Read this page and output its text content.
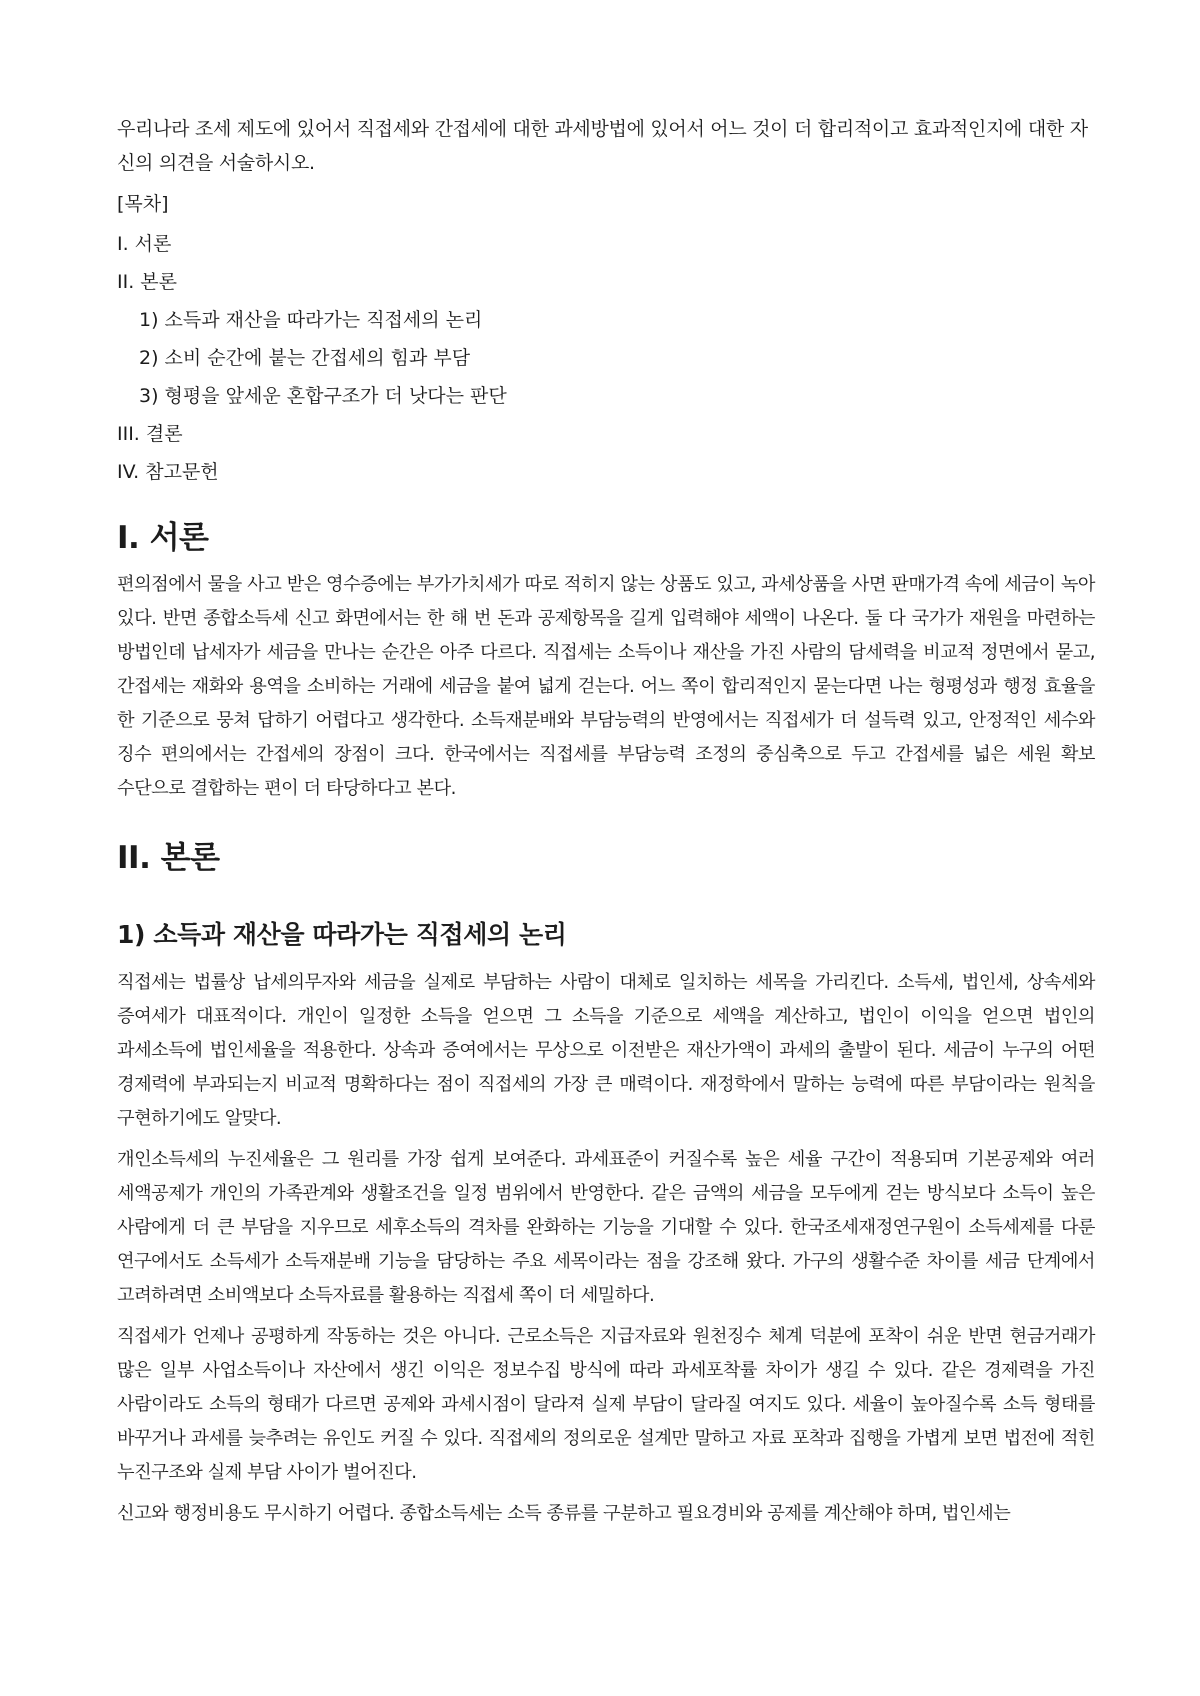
우리나라 조세 제도에 있어서 직접세와 간접세에 대한 과세방법에 있어서 어느 것이 더 합리적이고 효과적인지에 대한 자신의 의견을 서술하시오.

[목차]
I. 서론
II. 본론
1) 소득과 재산을 따라가는 직접세의 논리
2) 소비 순간에 붙는 간접세의 힘과 부담
3) 형평을 앞세운 혼합구조가 더 낫다는 판단
III. 결론
IV. 참고문헌
I. 서론

편의점에서 물을 사고 받은 영수증에는 부가가치세가 따로 적히지 않는 상품도 있고, 과세상품을 사면 판매가격 속에 세금이 녹아 있다. 반면 종합소득세 신고 화면에서는 한 해 번 돈과 공제항목을 길게 입력해야 세액이 나온다. 둘 다 국가가 재원을 마련하는 방법인데 납세자가 세금을 만나는 순간은 아주 다르다. 직접세는 소득이나 재산을 가진 사람의 담세력을 비교적 정면에서 묻고, 간접세는 재화와 용역을 소비하는 거래에 세금을 붙여 넓게 걷는다. 어느 쪽이 합리적인지 묻는다면 나는 형평성과 행정 효율을 한 기준으로 뭉쳐 답하기 어렵다고 생각한다. 소득재분배와 부담능력의 반영에서는 직접세가 더 설득력 있고, 안정적인 세수와 징수 편의에서는 간접세의 장점이 크다. 한국에서는 직접세를 부담능력 조정의 중심축으로 두고 간접세를 넓은 세원 확보 수단으로 결합하는 편이 더 타당하다고 본다.

II. 본론
1) 소득과 재산을 따라가는 직접세의 논리

직접세는 법률상 납세의무자와 세금을 실제로 부담하는 사람이 대체로 일치하는 세목을 가리킨다. 소득세, 법인세, 상속세와 증여세가 대표적이다. 개인이 일정한 소득을 얻으면 그 소득을 기준으로 세액을 계산하고, 법인이 이익을 얻으면 법인의 과세소득에 법인세율을 적용한다. 상속과 증여에서는 무상으로 이전받은 재산가액이 과세의 출발이 된다. 세금이 누구의 어떤 경제력에 부과되는지 비교적 명확하다는 점이 직접세의 가장 큰 매력이다. 재정학에서 말하는 능력에 따른 부담이라는 원칙을 구현하기에도 알맞다.

개인소득세의 누진세율은 그 원리를 가장 쉽게 보여준다. 과세표준이 커질수록 높은 세율 구간이 적용되며 기본공제와 여러 세액공제가 개인의 가족관계와 생활조건을 일정 범위에서 반영한다. 같은 금액의 세금을 모두에게 걷는 방식보다 소득이 높은 사람에게 더 큰 부담을 지우므로 세후소득의 격차를 완화하는 기능을 기대할 수 있다. 한국조세재정연구원이 소득세제를 다룬 연구에서도 소득세가 소득재분배 기능을 담당하는 주요 세목이라는 점을 강조해 왔다. 가구의 생활수준 차이를 세금 단계에서 고려하려면 소비액보다 소득자료를 활용하는 직접세 쪽이 더 세밀하다.

직접세가 언제나 공평하게 작동하는 것은 아니다. 근로소득은 지급자료와 원천징수 체계 덕분에 포착이 쉬운 반면 현금거래가 많은 일부 사업소득이나 자산에서 생긴 이익은 정보수집 방식에 따라 과세포착률 차이가 생길 수 있다. 같은 경제력을 가진 사람이라도 소득의 형태가 다르면 공제와 과세시점이 달라져 실제 부담이 달라질 여지도 있다. 세율이 높아질수록 소득 형태를 바꾸거나 과세를 늦추려는 유인도 커질 수 있다. 직접세의 정의로운 설계만 말하고 자료 포착과 집행을 가볍게 보면 법전에 적힌 누진구조와 실제 부담 사이가 벌어진다.

신고와 행정비용도 무시하기 어렵다. 종합소득세는 소득 종류를 구분하고 필요경비와 공제를 계산해야 하며, 법인세는
